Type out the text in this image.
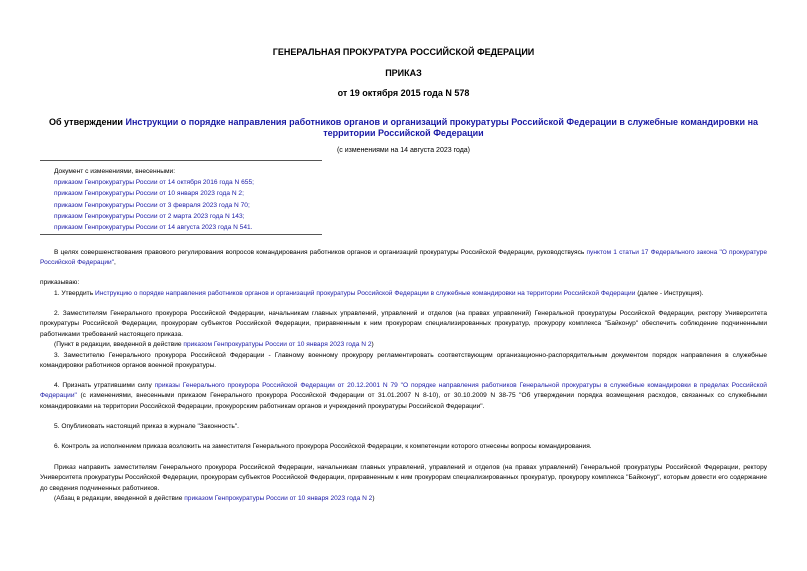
ГЕНЕРАЛЬНАЯ ПРОКУРАТУРА РОССИЙСКОЙ ФЕДЕРАЦИИ
ПРИКАЗ
от 19 октября 2015 года N 578
Об утверждении Инструкции о порядке направления работников органов и организаций прокуратуры Российской Федерации в служебные командировки на территории Российской Федерации
(с изменениями на 14 августа 2023 года)
Документ с изменениями, внесенными:
приказом Генпрокуратуры России от 14 октября 2016 года N 655;
приказом Генпрокуратуры России от 10 января 2023 года N 2;
приказом Генпрокуратуры России от 3 февраля 2023 года N 70;
приказом Генпрокуратуры России от 2 марта 2023 года N 143;
приказом Генпрокуратуры России от 14 августа 2023 года N 541.
В целях совершенствования правового регулирования вопросов командирования работников органов и организаций прокуратуры Российской Федерации, руководствуясь пунктом 1 статьи 17 Федерального закона "О прокуратуре Российской Федерации",
приказываю:
1. Утвердить Инструкцию о порядке направления работников органов и организаций прокуратуры Российской Федерации в служебные командировки на территории Российской Федерации (далее - Инструкция).
2. Заместителям Генерального прокурора Российской Федерации, начальникам главных управлений, управлений и отделов (на правах управлений) Генеральной прокуратуры Российской Федерации, ректору Университета прокуратуры Российской Федерации, прокурорам субъектов Российской Федерации, приравненным к ним прокурорам специализированных прокуратур, прокурору комплекса "Байконур" обеспечить соблюдение подчиненными работниками требований настоящего приказа.
(Пункт в редакции, введенной в действие приказом Генпрокуратуры России от 10 января 2023 года N 2)
3. Заместителю Генерального прокурора Российской Федерации - Главному военному прокурору регламентировать соответствующим организационно-распорядительным документом порядок направления в служебные командировки работников органов военной прокуратуры.
4. Признать утратившими силу приказы Генерального прокурора Российской Федерации от 20.12.2001 N 79 "О порядке направления работников Генеральной прокуратуры в служебные командировки в пределах Российской Федерации" (с изменениями, внесенными приказом Генерального прокурора Российской Федерации от 31.01.2007 N 8-10), от 30.10.2009 N 38-75 "Об утверждении порядка возмещения расходов, связанных со служебными командировками на территории Российской Федерации, прокурорским работникам органов и учреждений прокуратуры Российской Федерации".
5. Опубликовать настоящий приказ в журнале "Законность".
6. Контроль за исполнением приказа возложить на заместителя Генерального прокурора Российской Федерации, к компетенции которого отнесены вопросы командирования.
Приказ направить заместителям Генерального прокурора Российской Федерации, начальникам главных управлений, управлений и отделов (на правах управлений) Генеральной прокуратуры Российской Федерации, ректору Университета прокуратуры Российской Федерации, прокурорам субъектов Российской Федерации, приравненным к ним прокурорам специализированных прокуратур, прокурору комплекса "Байконур", которым довести его содержание до сведения подчиненных работников.
(Абзац в редакции, введенной в действие приказом Генпрокуратуры России от 10 января 2023 года N 2)
